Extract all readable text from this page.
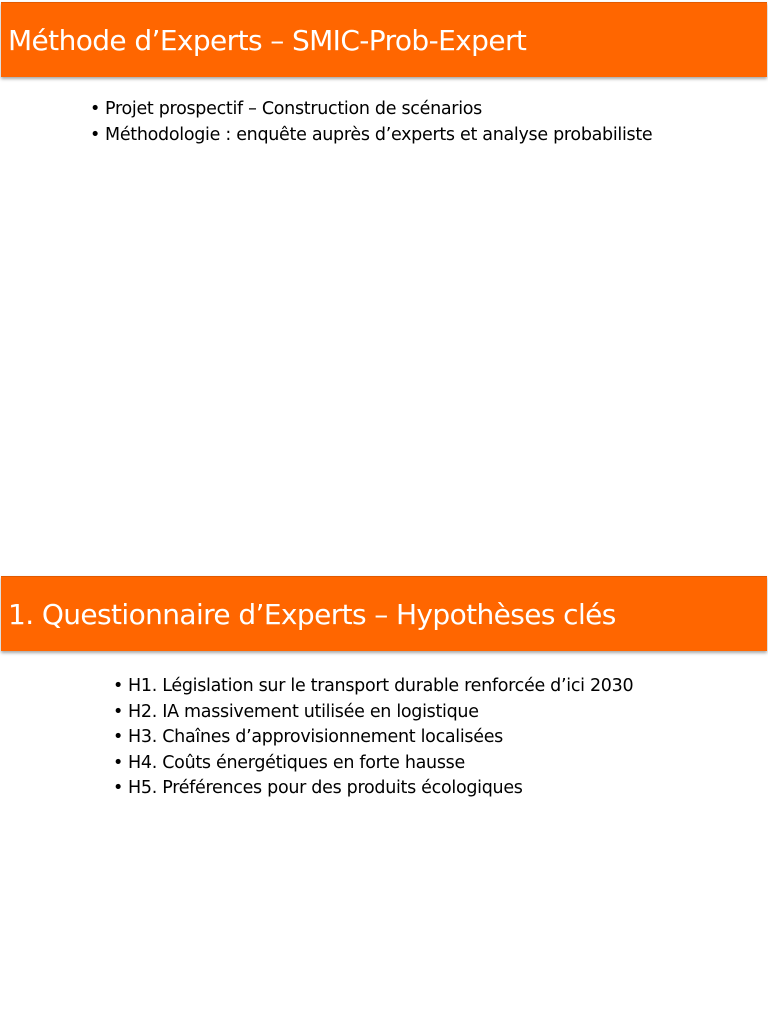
Méthode d’Experts – SMIC-Prob-Expert
• Projet prospectif – Construction de scénarios
• Méthodologie : enquête auprès d’experts et analyse probabiliste
1. Questionnaire d’Experts – Hypothèses clés
• H1. Législation sur le transport durable renforcée d’ici 2030
• H2. IA massivement utilisée en logistique
• H3. Chaînes d’approvisionnement localisées
• H4. Coûts énergétiques en forte hausse
• H5. Préférences pour des produits écologiques
